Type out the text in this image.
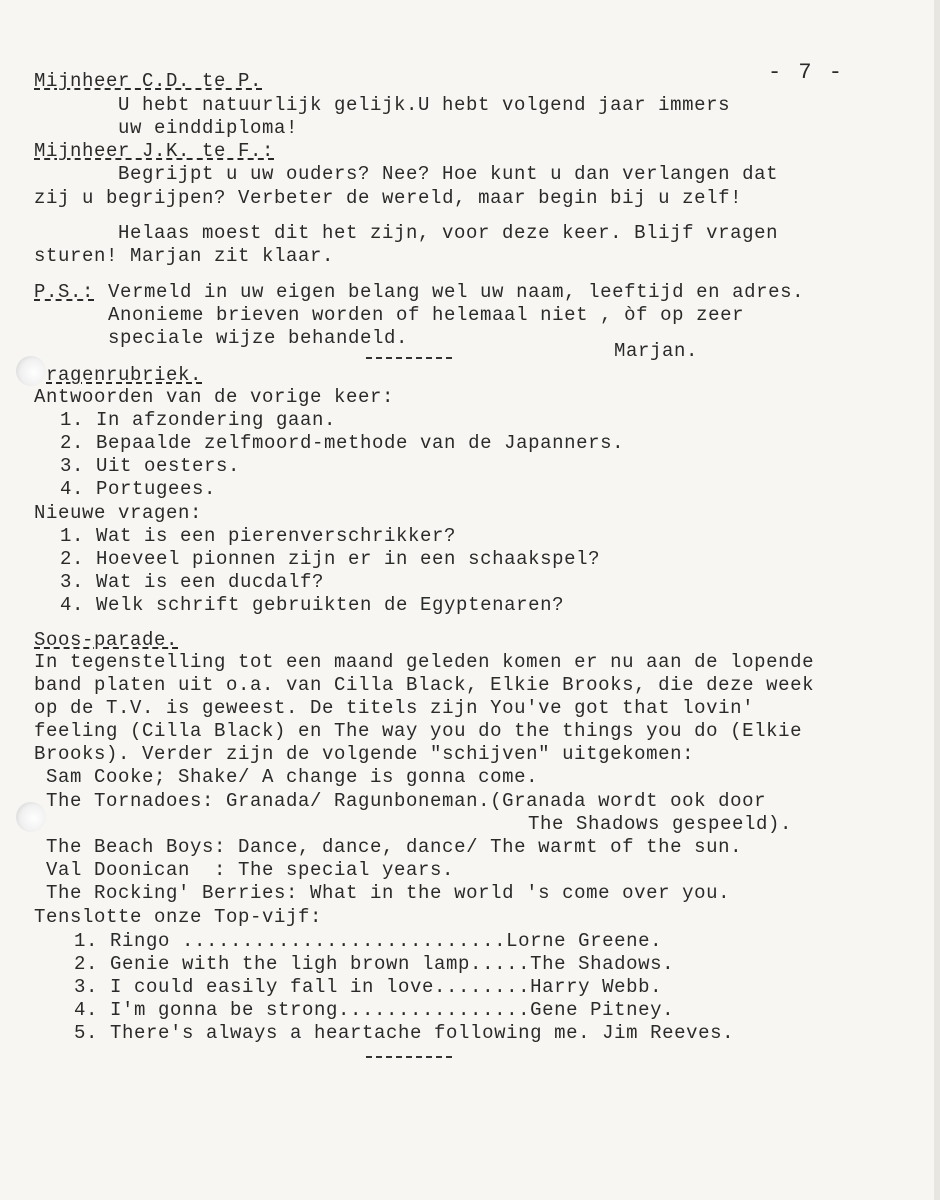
- 7 -
Mijnheer C.D. te P.
U hebt natuurlijk gelijk.U hebt volgend jaar immers
uw einddiploma!
Mijnheer J.K. te F.:
Begrijpt u uw ouders? Nee? Hoe kunt u dan verlangen dat
zij u begrijpen? Verbeter de wereld, maar begin bij u zelf!
Helaas moest dit het zijn, voor deze keer. Blijf vragen
sturen! Marjan zit klaar.
P.S.: Vermeld in uw eigen belang wel uw naam, leeftijd en adres.
Anonieme brieven worden of helemaal niet , òf op zeer
speciale wijze behandeld.
Marjan.
ragenrubriek.
Antwoorden van de vorige keer:
1. In afzondering gaan.
2. Bepaalde zelfmoord-methode van de Japanners.
3. Uit oesters.
4. Portugees.
Nieuwe vragen:
1. Wat is een pierenverschrikker?
2. Hoeveel pionnen zijn er in een schaakspel?
3. Wat is een ducdalf?
4. Welk schrift gebruikten de Egyptenaren?
Soos-parade.
In tegenstelling tot een maand geleden komen er nu aan de lopende
band platen uit o.a. van Cilla Black, Elkie Brooks, die deze week
op de T.V. is geweest. De titels zijn You've got that lovin'
feeling (Cilla Black) en The way you do the things you do (Elkie
Brooks). Verder zijn de volgende "schijven" uitgekomen:
Sam Cooke; Shake/ A change is gonna come.
The Tornadoes: Granada/ Ragunboneman.(Granada wordt ook door
The Shadows gespeeld).
The Beach Boys: Dance, dance, dance/ The warmt of the sun.
Val Doonican  : The special years.
The Rocking' Berries: What in the world 's come over you.
Tenslotte onze Top-vijf:
1. Ringo ...........................Lorne Greene.
2. Genie with the ligh brown lamp.....The Shadows.
3. I could easily fall in love........Harry Webb.
4. I'm gonna be strong................Gene Pitney.
5. There's always a heartache following me. Jim Reeves.
